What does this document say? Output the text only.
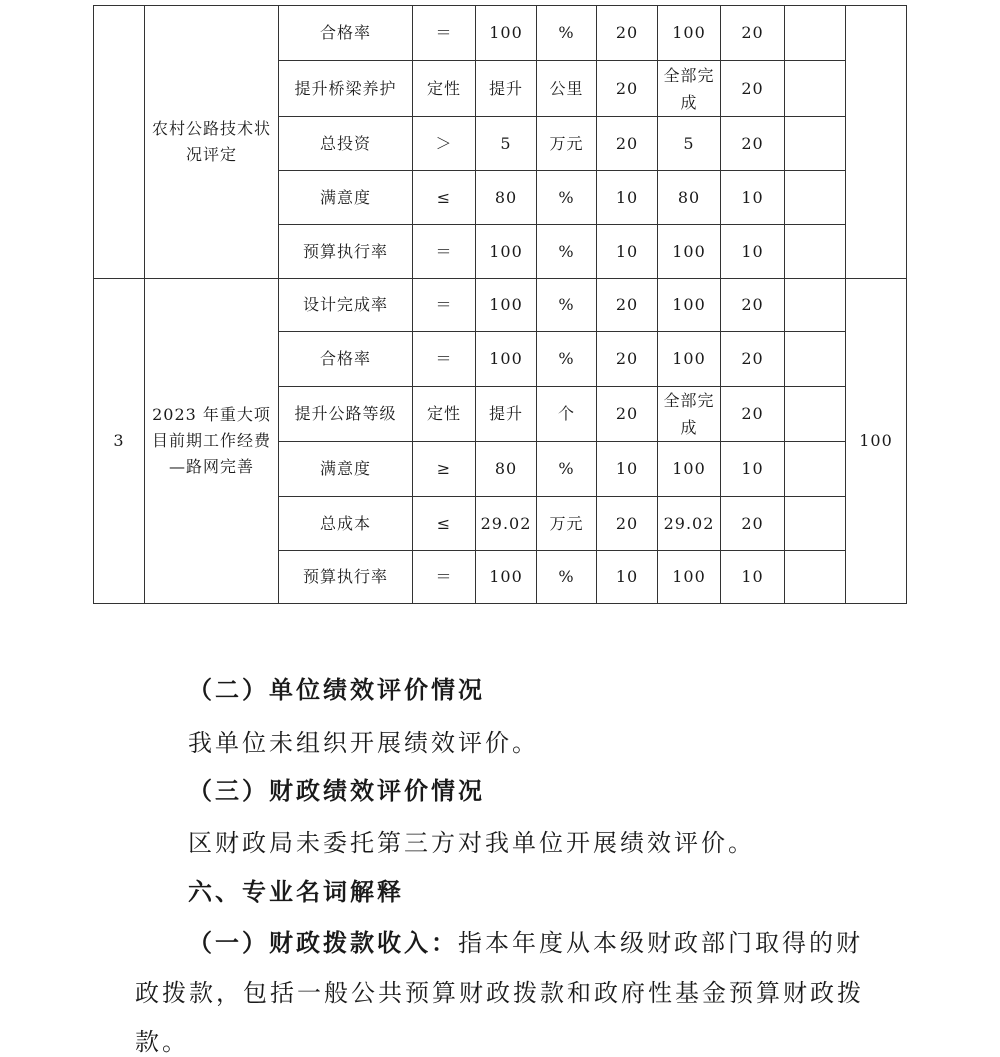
	农村公路技术状况评定	合格率	＝	100	%	20	100	20		
		提升桥梁养护	定性	提升	公里	20	全部完成	20		
		总投资	＞	5	万元	20	5	20		
		满意度	≤	80	%	10	80	10		
		预算执行率	＝	100	%	10	100	10		
3	2023 年重大项目前期工作经费—路网完善	设计完成率	＝	100	%	20	100	20		100
		合格率	＝	100	%	20	100	20		
		提升公路等级	定性	提升	个	20	全部完成	20		
		满意度	≥	80	%	10	100	10		
		总成本	≤	29.02	万元	20	29.02	20		
		预算执行率	＝	100	%	10	100	10		

（二）单位绩效评价情况

我单位未组织开展绩效评价。

（三）财政绩效评价情况

区财政局未委托第三方对我单位开展绩效评价。

六、专业名词解释

（一）财政拨款收入：指本年度从本级财政部门取得的财

政拨款，包括一般公共预算财政拨款和政府性基金预算财政拨

款。
